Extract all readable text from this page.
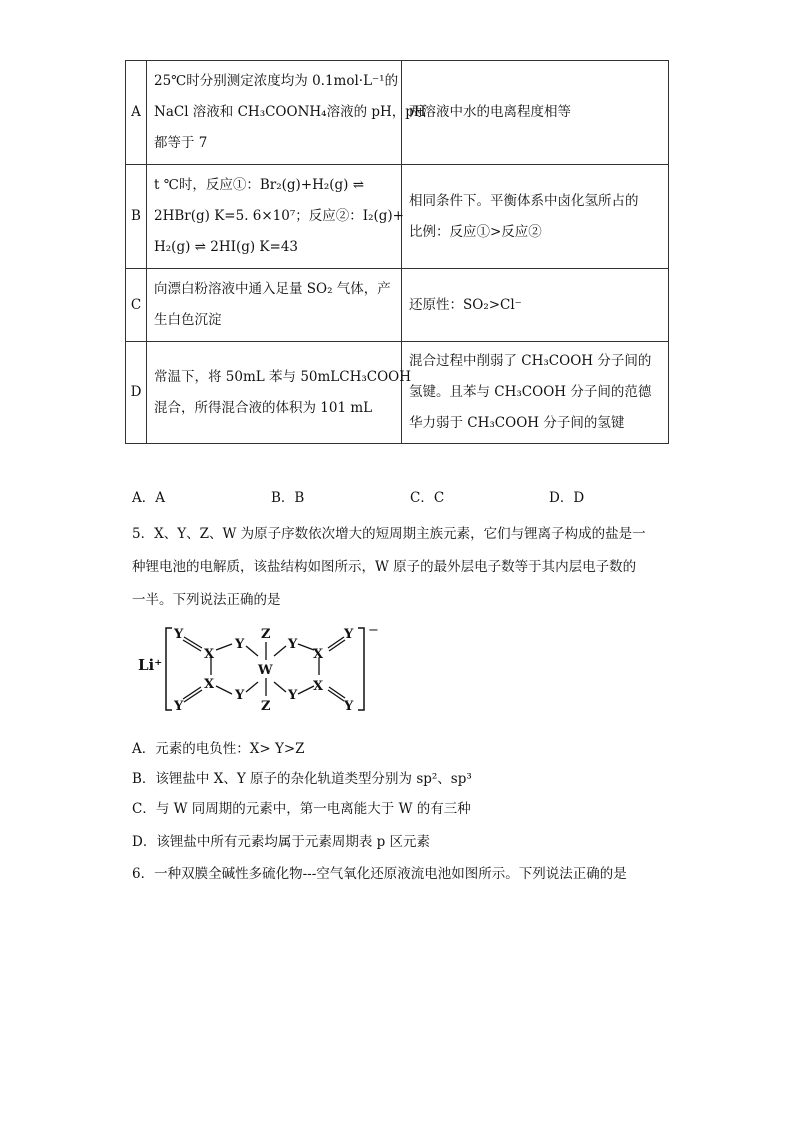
A	25℃时分别测定浓度均为 0.1mol·L⁻¹的
NaCl 溶液和 CH₃COONH₄溶液的 pH，pH
都等于 7	两溶液中水的电离程度相等

B	t ℃时，反应①：Br₂(g)+H₂(g) ⇌
2HBr(g) K=5. 6×10⁷；反应②：I₂(g)+
H₂(g) ⇌ 2HI(g) K=43	相同条件下。平衡体系中卤化氢所占的
比例：反应①>反应②

C	向漂白粉溶液中通入足量 SO₂ 气体，产
生白色沉淀	还原性：SO₂>Cl⁻

D	常温下，将 50mL 苯与 50mLCH₃COOH
混合，所得混合液的体积为 101 mL	混合过程中削弱了 CH₃COOH 分子间的
氢键。且苯与 CH₃COOH 分子间的范德
华力弱于 CH₃COOH 分子间的氢键
A．A	B．B	C．C	D．D
5．X、Y、Z、W 为原子序数依次增大的短周期主族元素，它们与锂离子构成的盐是一
种锂电池的电解质，该盐结构如图所示，W 原子的最外层电子数等于其内层电子数的
一半。下列说法正确的是
Li⁺
−
Y
X
Y
Z
W
Y
X
Y
X
Y
Y
Z
Y
X
Y
A．元素的电负性：X> Y>Z
B．该锂盐中 X、Y 原子的杂化轨道类型分别为 sp²、sp³
C．与 W 同周期的元素中，第一电离能大于 W 的有三种
D．该锂盐中所有元素均属于元素周期表 p 区元素
6．一种双膜全碱性多硫化物---空气氧化还原液流电池如图所示。下列说法正确的是
